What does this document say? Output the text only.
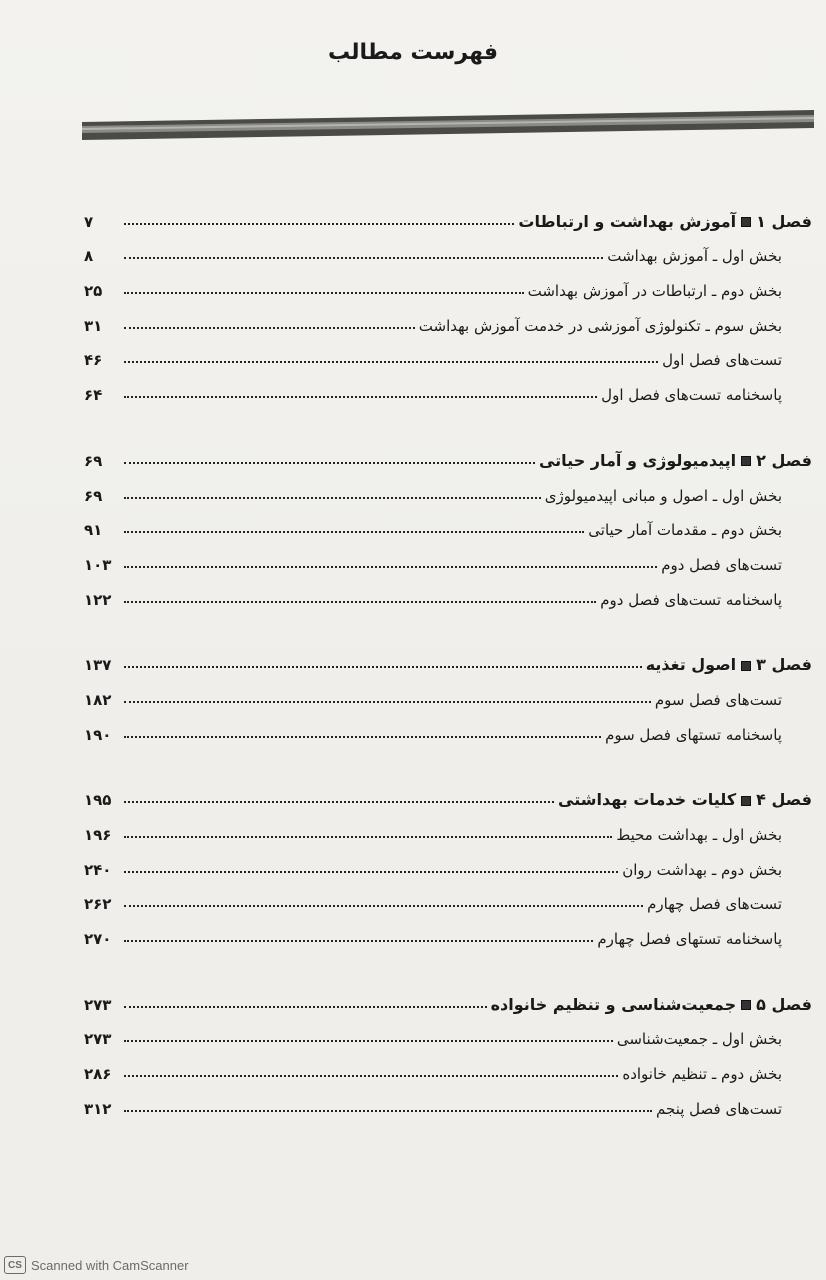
فهرست مطالب
فصل ۱آموزش بهداشت و ارتباطات
۷
بخش اول ـ آموزش بهداشت
۸
بخش دوم ـ ارتباطات در آموزش بهداشت
۲۵
بخش سوم ـ تکنولوژی آموزشی در خدمت آموزش بهداشت
۳۱
تست‌های فصل اول
۴۶
پاسخنامه تست‌های فصل اول
۶۴
فصل ۲اپیدمیولوژی و آمار حیاتی
۶۹
بخش اول ـ اصول و مبانی اپیدمیولوژی
۶۹
بخش دوم ـ مقدمات آمار حیاتی
۹۱
تست‌های فصل دوم
۱۰۳
پاسخنامه تست‌های فصل دوم
۱۲۲
فصل ۳اصول تغذیه
۱۳۷
تست‌های فصل سوم
۱۸۲
پاسخنامه تستهای فصل سوم
۱۹۰
فصل ۴کلیات خدمات بهداشتی
۱۹۵
بخش اول ـ بهداشت محیط
۱۹۶
بخش دوم ـ بهداشت روان
۲۴۰
تست‌های فصل چهارم
۲۶۲
پاسخنامه تستهای فصل چهارم
۲۷۰
فصل ۵جمعیت‌شناسی و تنظیم خانواده
۲۷۳
بخش اول ـ جمعیت‌شناسی
۲۷۳
بخش دوم ـ تنظیم خانواده
۲۸۶
تست‌های فصل پنجم
۳۱۲
CS Scanned with CamScanner
